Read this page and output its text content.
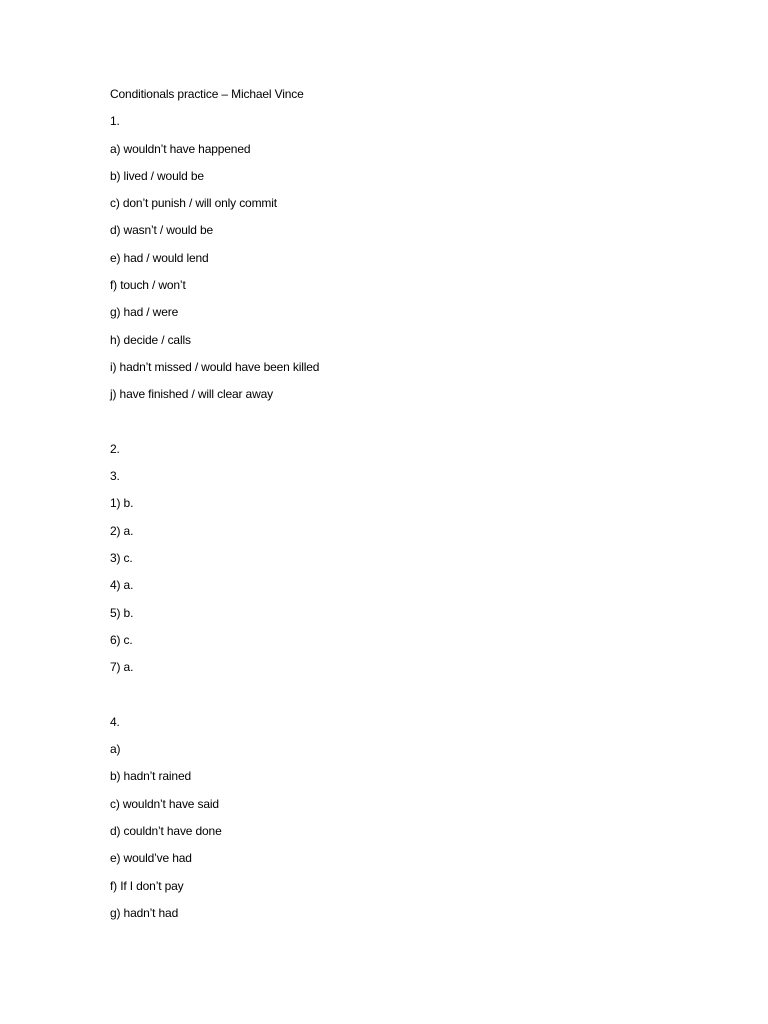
Conditionals practice – Michael Vince
1.
a) wouldn’t have happened
b) lived / would be
c) don’t punish / will only commit
d) wasn’t / would be
e) had / would lend
f) touch / won’t
g) had / were
h) decide / calls
i) hadn’t missed / would have been killed
j) have finished / will clear away
2.
3.
1) b.
2) a.
3) c.
4) a.
5) b.
6) c.
7) a.
4.
a)
b) hadn’t rained
c) wouldn’t have said
d) couldn’t have done
e) would’ve had
f) If I don’t pay
g) hadn’t had
